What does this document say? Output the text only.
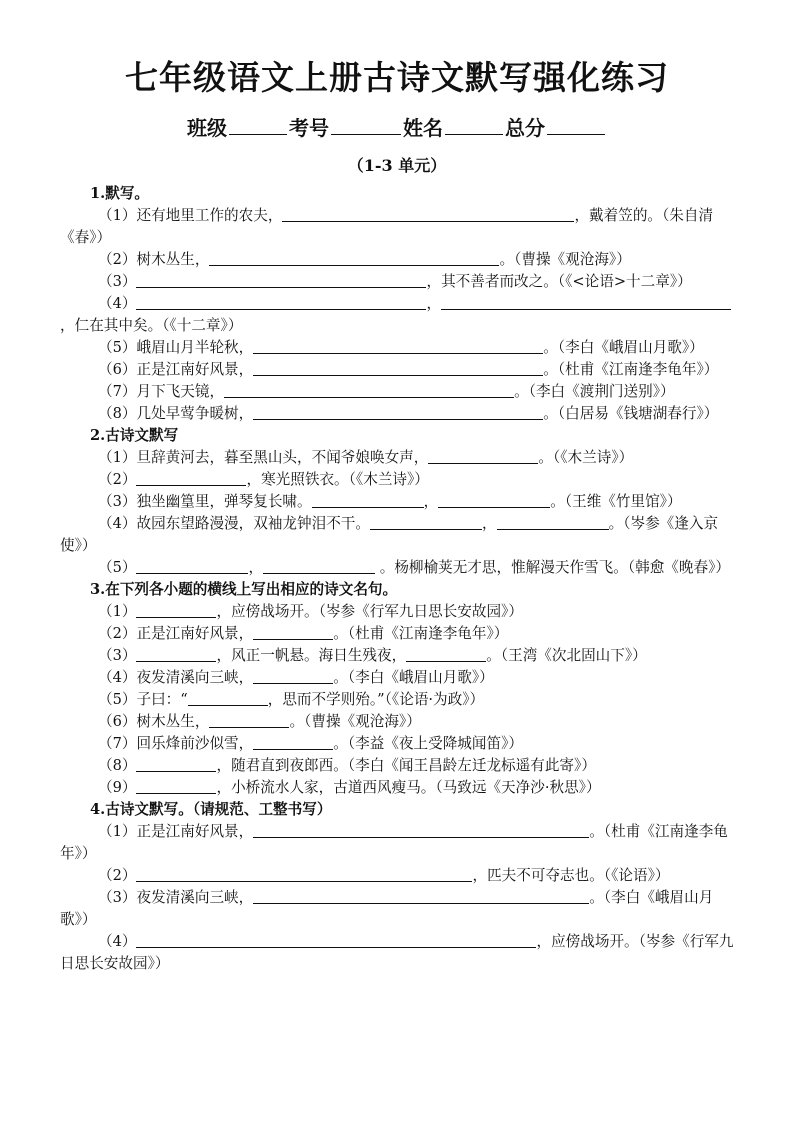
七年级语文上册古诗文默写强化练习
班级	考号	姓名	总分
（1-3 单元）
1.默写。
（1）还有地里工作的农夫，	，戴着笠的。（朱自清《春》）
（2）树木丛生，	。（曹操《观沧海》）
（3）	，其不善者而改之。（《<论语>十二章》）
（4）	，，仁在其中矣。（《十二章》）
（5）峨眉山月半轮秋，	。（李白《峨眉山月歌》）
（6）正是江南好风景，	。（杜甫《江南逢李龟年》）
（7）月下飞天镜，	。（李白《渡荆门送别》）
（8）几处早莺争暖树，	。（白居易《钱塘湖春行》）
2.古诗文默写
（1）旦辞黄河去，暮至黑山头，不闻爷娘唤女声，	。（《木兰诗》）
（2）	，寒光照铁衣。（《木兰诗》）
（3）独坐幽篁里，弹琴复长啸。	，	。（王维《竹里馆》）
（4）故园东望路漫漫，双袖龙钟泪不干。	，	。（岑参《逢入京使》）
（5）	，	。杨柳榆荚无才思，惟解漫天作雪飞。（韩愈《晚春》）
3.在下列各小题的横线上写出相应的诗文名句。
（1）	，应傍战场开。（岑参《行军九日思长安故园》）
（2）正是江南好风景，	。（杜甫《江南逢李龟年》）
（3）	，风正一帆悬。海日生残夜，	。（王湾《次北固山下》）
（4）夜发清溪向三峡，	。（李白《峨眉山月歌》）
（5）子曰：“	，思而不学则殆。”（《论语·为政》）
（6）树木丛生，	。（曹操《观沧海》）
（7）回乐烽前沙似雪，	。（李益《夜上受降城闻笛》）
（8）	，随君直到夜郎西。（李白《闻王昌龄左迁龙标遥有此寄》）
（9）	，小桥流水人家，古道西风瘦马。（马致远《天净沙·秋思》）
4.古诗文默写。（请规范、工整书写）
（1）正是江南好风景，	。（杜甫《江南逢李龟年》）
（2）	，匹夫不可夺志也。（《论语》）
（3）夜发清溪向三峡，	。（李白《峨眉山月歌》）
（4）	，应傍战场开。（岑参《行军九日思长安故园》）
